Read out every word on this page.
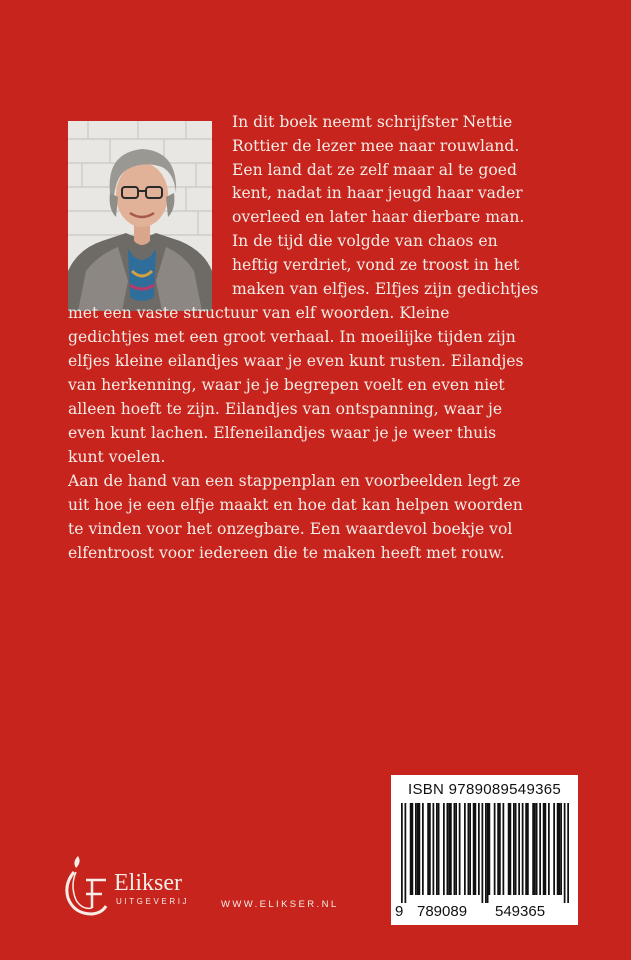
In dit boek neemt schrijfster Nettie
Rottier de lezer mee naar rouwland.
Een land dat ze zelf maar al te goed
kent, nadat in haar jeugd haar vader
overleed en later haar dierbare man.
In de tijd die volgde van chaos en
heftig verdriet, vond ze troost in het
maken van elfjes. Elfjes zijn gedichtjes
met een vaste structuur van elf woorden. Kleine
gedichtjes met een groot verhaal. In moeilijke tijden zijn
elfjes kleine eilandjes waar je even kunt rusten. Eilandjes
van herkenning, waar je je begrepen voelt en even niet
alleen hoeft te zijn. Eilandjes van ontspanning, waar je
even kunt lachen. Elfeneilandjes waar je je weer thuis
kunt voelen.
Aan de hand van een stappenplan en voorbeelden legt ze
uit hoe je een elfje maakt en hoe dat kan helpen woorden
te vinden voor het onzegbare. Een waardevol boekje vol
elfentroost voor iedereen die te maken heeft met rouw.
ISBN 9789089549365
9 789089 549365
Elikser
UITGEVERIJ	WWW.ELIKSER.NL
